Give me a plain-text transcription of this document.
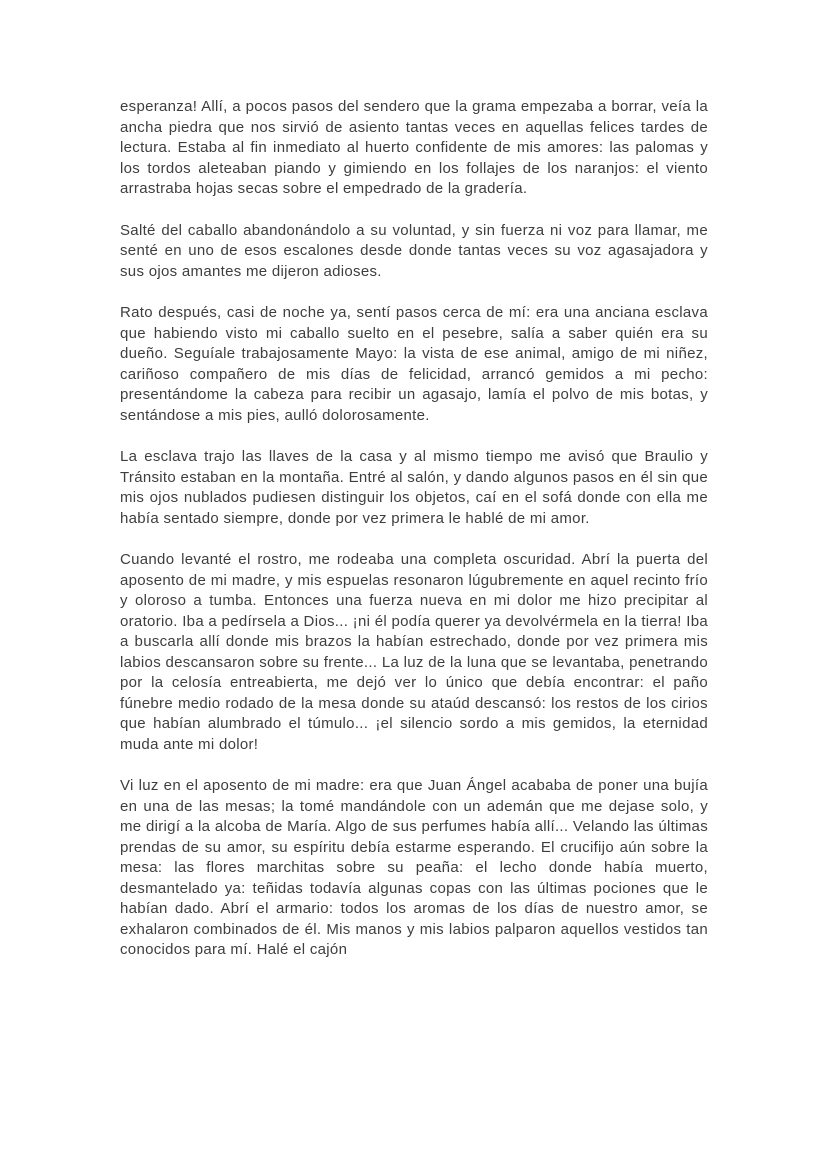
esperanza! Allí, a pocos pasos del sendero que la grama empezaba a borrar, veía la ancha piedra que nos sirvió de asiento tantas veces en aquellas felices tardes de lectura. Estaba al fin inmediato al huerto confidente de mis amores: las palomas y los tordos aleteaban piando y gimiendo en los follajes de los naranjos: el viento arrastraba hojas secas sobre el empedrado de la gradería.

Salté del caballo abandonándolo a su voluntad, y sin fuerza ni voz para llamar, me senté en uno de esos escalones desde donde tantas veces su voz agasajadora y sus ojos amantes me dijeron adioses.

Rato después, casi de noche ya, sentí pasos cerca de mí: era una anciana esclava que habiendo visto mi caballo suelto en el pesebre, salía a saber quién era su dueño. Seguíale trabajosamente Mayo: la vista de ese animal, amigo de mi niñez, cariñoso compañero de mis días de felicidad, arrancó gemidos a mi pecho: presentándome la cabeza para recibir un agasajo, lamía el polvo de mis botas, y sentándose a mis pies, aulló dolorosamente.

La esclava trajo las llaves de la casa y al mismo tiempo me avisó que Braulio y Tránsito estaban en la montaña. Entré al salón, y dando algunos pasos en él sin que mis ojos nublados pudiesen distinguir los objetos, caí en el sofá donde con ella me había sentado siempre, donde por vez primera le hablé de mi amor.

Cuando levanté el rostro, me rodeaba una completa oscuridad. Abrí la puerta del aposento de mi madre, y mis espuelas resonaron lúgubremente en aquel recinto frío y oloroso a tumba. Entonces una fuerza nueva en mi dolor me hizo precipitar al oratorio. Iba a pedírsela a Dios... ¡ni él podía querer ya devolvérmela en la tierra! Iba a buscarla allí donde mis brazos la habían estrechado, donde por vez primera mis labios descansaron sobre su frente... La luz de la luna que se levantaba, penetrando por la celosía entreabierta, me dejó ver lo único que debía encontrar: el paño fúnebre medio rodado de la mesa donde su ataúd descansó: los restos de los cirios que habían alumbrado el túmulo... ¡el silencio sordo a mis gemidos, la eternidad muda ante mi dolor!

Vi luz en el aposento de mi madre: era que Juan Ángel acababa de poner una bujía en una de las mesas; la tomé mandándole con un ademán que me dejase solo, y me dirigí a la alcoba de María. Algo de sus perfumes había allí... Velando las últimas prendas de su amor, su espíritu debía estarme esperando. El crucifijo aún sobre la mesa: las flores marchitas sobre su peaña: el lecho donde había muerto, desmantelado ya: teñidas todavía algunas copas con las últimas pociones que le habían dado. Abrí el armario: todos los aromas de los días de nuestro amor, se exhalaron combinados de él. Mis manos y mis labios palparon aquellos vestidos tan conocidos para mí. Halé el cajón
